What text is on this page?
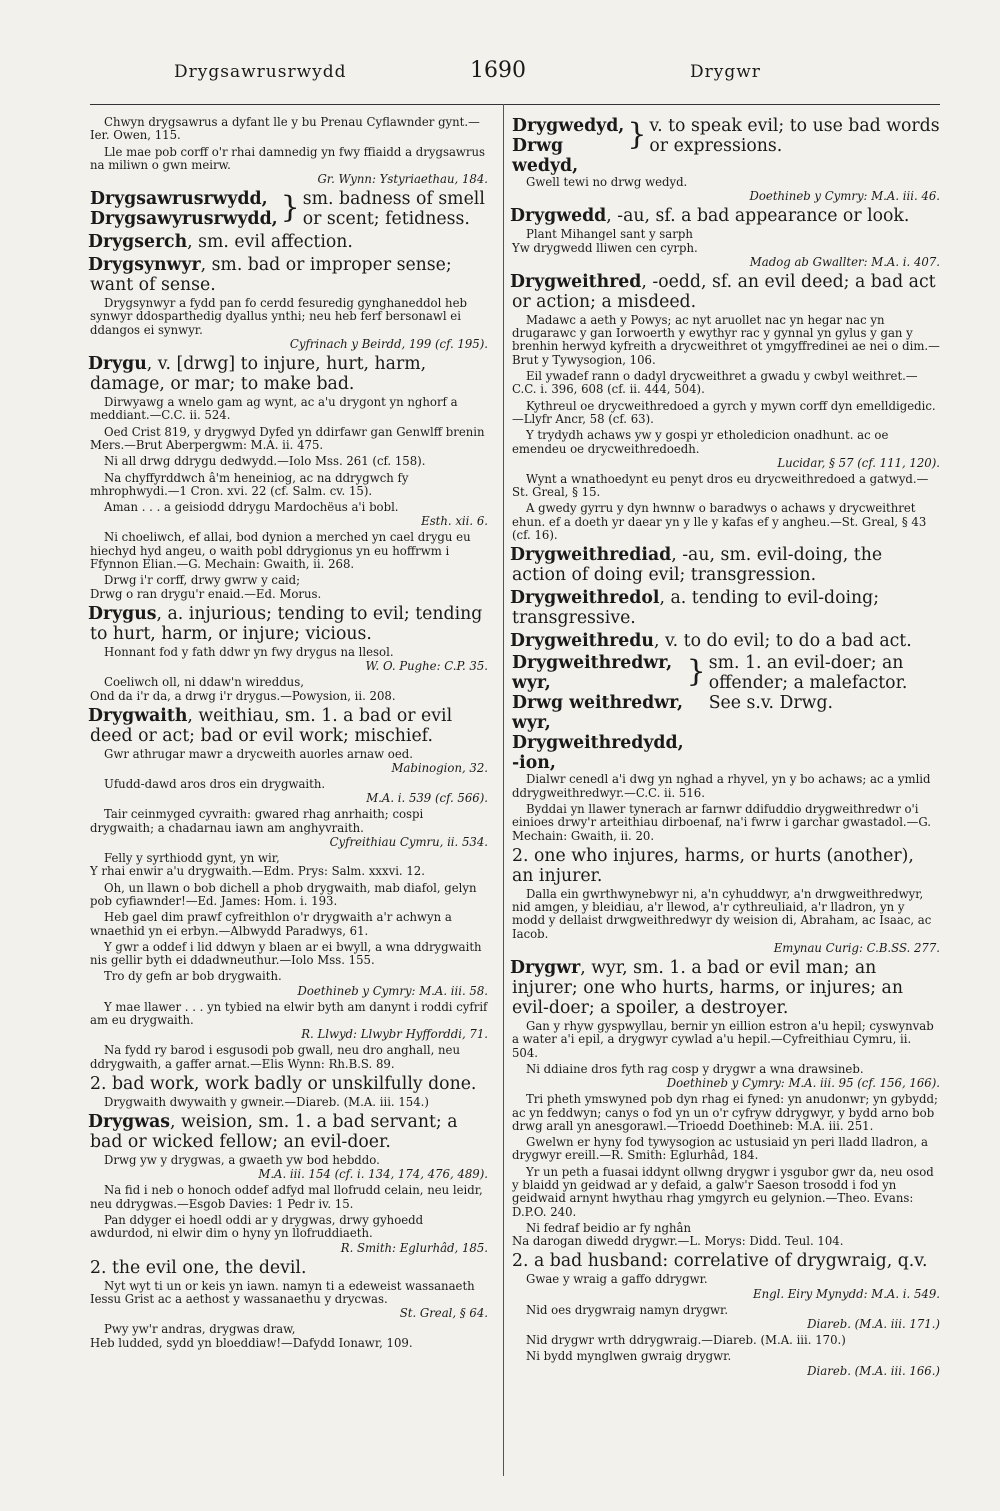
Drygsawrusrwydd	1690	Drygwr
Chwyn drygsawrus a dyfant lle y bu Prenau Cyflawnder gynt.—Ier. Owen, 115.
Lle mae pob corff o'r rhai damnedig yn fwy ffiaidd a drygsawrus na miliwn o gwn meirw.
Gr. Wynn: Ystyriaethau, 184.
Drygsawrusrwydd,
Drygsawyrusrwydd, } sm. badness of smell or scent; fetidness.
Drygserch, sm. evil affection.
Drygsynwyr, sm. bad or improper sense; want of sense.
Drygsynwyr a fydd pan fo cerdd fesuredig gynghaneddol heb synwyr ddosparthedig dyallus ynthi; neu heb ferf bersonawl ei ddangos ei synwyr.
Cyfrinach y Beirdd, 199 (cf. 195).
Drygu, v. [drwg] to injure, hurt, harm, damage, or mar; to make bad.
Dirwyawg a wnelo gam ag wynt, ac a'u drygont yn nghorf a meddiant.—C.C. ii. 524.
Oed Crist 819, y drygwyd Dyfed yn ddirfawr gan Genwlff brenin Mers.—Brut Aberpergwm: M.A. ii. 475.
Ni all drwg ddrygu dedwydd.—Iolo Mss. 261 (cf. 158).
Na chyffyrddwch â'm heneiniog, ac na ddrygwch fy mhrophwydi.—1 Cron. xvi. 22 (cf. Salm. cv. 15).
Aman . . . a geisiodd ddrygu Mardochëus a'i bobl.
Esth. xii. 6.
Ni choeliwch, ef allai, bod dynion a merched yn cael drygu eu hiechyd hyd angeu, o waith pobl ddrygionus yn eu hoffrwm i Ffynnon Elian.—G. Mechain: Gwaith, ii. 268.
Drwg i'r corff, drwy gwrw y caid;
Drwg o ran drygu'r enaid.—Ed. Morus.
Drygus, a. injurious; tending to evil; tending to hurt, harm, or injure; vicious.
Honnant fod y fath ddwr yn fwy drygus na llesol.
W. O. Pughe: C.P. 35.
Coeliwch oll, ni ddaw'n wireddus,
Ond da i'r da, a drwg i'r drygus.—Powysion, ii. 208.
Drygwaith, weithiau, sm. 1. a bad or evil deed or act; bad or evil work; mischief.
Gwr athrugar mawr a drycweith auorles arnaw oed.
Mabinogion, 32.
Ufudd-dawd aros dros ein drygwaith.
M.A. i. 539 (cf. 566).
Tair ceinmyged cyvraith: gwared rhag anrhaith; cospi drygwaith; a chadarnau iawn am anghyvraith.
Cyfreithiau Cymru, ii. 534.
Felly y syrthiodd gynt, yn wir,
Y rhai enwir a'u drygwaith.—Edm. Prys: Salm. xxxvi. 12.
Oh, un llawn o bob dichell a phob drygwaith, mab diafol, gelyn pob cyfiawnder!—Ed. James: Hom. i. 193.
Heb gael dim prawf cyfreithlon o'r drygwaith a'r achwyn a wnaethid yn ei erbyn.—Albwydd Paradwys, 61.
Y gwr a oddef i lid ddwyn y blaen ar ei bwyll, a wna ddrygwaith nis gellir byth ei ddadwneuthur.—Iolo Mss. 155.
Tro dy gefn ar bob drygwaith.
Doethineb y Cymry: M.A. iii. 58.
Y mae llawer . . . yn tybied na elwir byth am danynt i roddi cyfrif am eu drygwaith.
R. Llwyd: Llwybr Hyfforddi, 71.
Na fydd ry barod i esgusodi pob gwall, neu dro anghall, neu ddrygwaith, a gaffer arnat.—Elis Wynn: Rh.B.S. 89.
2. bad work, work badly or unskilfully done.
Drygwaith dwywaith y gwneir.—Diareb. (M.A. iii. 154.)
Drygwas, weision, sm. 1. a bad servant; a bad or wicked fellow; an evil-doer.
Drwg yw y drygwas, a gwaeth yw bod hebddo.
M.A. iii. 154 (cf. i. 134, 174, 476, 489).
Na fid i neb o honoch oddef adfyd mal llofrudd celain, neu leidr, neu ddrygwas.—Esgob Davies: 1 Pedr iv. 15.
Pan ddyger ei hoedl oddi ar y drygwas, drwy gyhoedd awdurdod, ni elwir dim o hyny yn llofruddiaeth.
R. Smith: Eglurhâd, 185.
2. the evil one, the devil.
Nyt wyt ti un or keis yn iawn. namyn ti a edeweist wassanaeth Iessu Grist ac a aethost y wassanaethu y drycwas.
St. Greal, § 64.
Pwy yw'r andras, drygwas draw,
Heb ludded, sydd yn bloeddiaw!—Dafydd Ionawr, 109.
Drygwedyd,
Drwg wedyd,
} v. to speak evil; to use bad words or expressions.
Gwell tewi no drwg wedyd.
Doethineb y Cymry: M.A. iii. 46.
Drygwedd, -au, sf. a bad appearance or look.
Plant Mihangel sant y sarph
Yw drygwedd lliwen cen cyrph.
Madog ab Gwallter: M.A. i. 407.
Drygweithred, -oedd, sf. an evil deed; a bad act or action; a misdeed.
Madawc a aeth y Powys; ac nyt aruollet nac yn hegar nac yn drugarawc y gan Iorwoerth y ewythyr rac y gynnal yn gylus y gan y brenhin herwyd kyfreith a drycweithret ot ymgyffredinei ae nei o dim.—Brut y Tywysogion, 106.
Eil ywadef rann o dadyl drycweithret a gwadu y cwbyl weithret.—C.C. i. 396, 608 (cf. ii. 444, 504).
Kythreul oe drycweithredoed a gyrch y mywn corff dyn emelldigedic.—Llyfr Ancr, 58 (cf. 63).
Y trydydh achaws yw y gospi yr etholedicion onadhunt. ac oe emendeu oe drycweithredoedh.
Lucidar, § 57 (cf. 111, 120).
Wynt a wnathoedynt eu penyt dros eu drycweithredoed a gatwyd.—St. Greal, § 15.
A gwedy gyrru y dyn hwnnw o baradwys o achaws y drycweithret ehun. ef a doeth yr daear yn y lle y kafas ef y angheu.—St. Greal, § 43 (cf. 16).
Drygweithrediad, -au, sm. evil-doing, the action of doing evil; transgression.
Drygweithredol, a. tending to evil-doing; transgressive.
Drygweithredu, v. to do evil; to do a bad act.
Drygweithredwr, wyr,
Drwg weithredwr, wyr,
Drygweithredydd, -ion,
} sm. 1. an evil-doer; an offender; a malefactor. See s.v. Drwg.
Dialwr cenedl a'i dwg yn nghad a rhyvel, yn y bo achaws; ac a ymlid ddrygweithredwyr.—C.C. ii. 516.
Byddai yn llawer tynerach ar farnwr ddifuddio drygweithredwr o'i einioes drwy'r arteithiau dirboenaf, na'i fwrw i garchar gwastadol.—G. Mechain: Gwaith, ii. 20.
2. one who injures, harms, or hurts (another), an injurer.
Dalla ein gwrthwynebwyr ni, a'n cyhuddwyr, a'n drwgweithredwyr, nid amgen, y bleidiau, a'r llewod, a'r cythreuliaid, a'r lladron, yn y modd y dellaist drwgweithredwyr dy weision di, Abraham, ac Isaac, ac Iacob.
Emynau Curig: C.B.SS. 277.
Drygwr, wyr, sm. 1. a bad or evil man; an injurer; one who hurts, harms, or injures; an evil-doer; a spoiler, a destroyer.
Gan y rhyw gyspwyllau, bernir yn eillion estron a'u hepil; cyswynvab a water a'i epil, a drygwyr cywlad a'u hepil.—Cyfreithiau Cymru, ii. 504.
Ni ddiaine dros fyth rag cosp y drygwr a wna drawsineb.
Doethineb y Cymry: M.A. iii. 95 (cf. 156, 166).
Tri pheth ymswyned pob dyn rhag ei fyned: yn anudonwr; yn gybydd; ac yn feddwyn; canys o fod yn un o'r cyfryw ddrygwyr, y bydd arno bob drwg arall yn anesgorawl.—Trioedd Doethineb: M.A. iii. 251.
Gwelwn er hyny fod tywysogion ac ustusiaid yn peri lladd lladron, a drygwyr ereill.—R. Smith: Eglurhâd, 184.
Yr un peth a fuasai iddynt ollwng drygwr i ysgubor gwr da, neu osod y blaidd yn geidwad ar y defaid, a galw'r Saeson trosodd i fod yn geidwaid arnynt hwythau rhag ymgyrch eu gelynion.—Theo. Evans: D.P.O. 240.
Ni fedraf beidio ar fy nghân
Na darogan diwedd drygwr.—L. Morys: Didd. Teul. 104.
2. a bad husband: correlative of drygwraig, q.v.
Gwae y wraig a gaffo ddrygwr.
Engl. Eiry Mynydd: M.A. i. 549.
Nid oes drygwraig namyn drygwr.
Diareb. (M.A. iii. 171.)
Nid drygwr wrth ddrygwraig.—Diareb. (M.A. iii. 170.)
Ni bydd mynglwen gwraig drygwr.
Diareb. (M.A. iii. 166.)
